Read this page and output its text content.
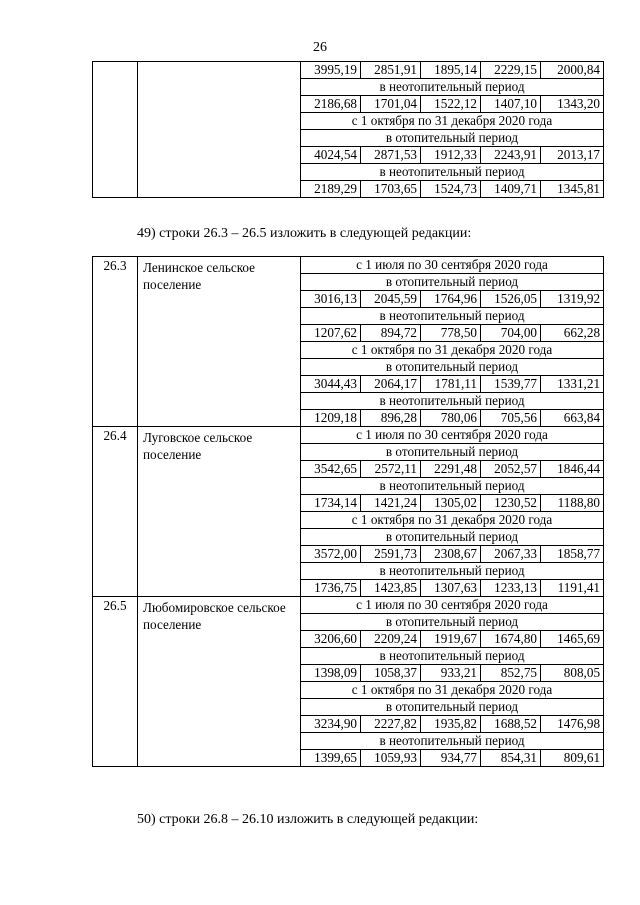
26
		3995,19	2851,91	1895,14	2229,15	2000,84
		в неотопительный период				
		2186,68	1701,04	1522,12	1407,10	1343,20
		с 1 октября по 31 декабря 2020 года				
		в отопительный период				
		4024,54	2871,53	1912,33	2243,91	2013,17
		в неотопительный период				
		2189,29	1703,65	1524,73	1409,71	1345,81
49) строки 26.3 – 26.5 изложить в следующей редакции:
26.3	Ленинское сельское поселение	с 1 июля по 30 сентября 2020 года				
		в отопительный период				
		3016,13	2045,59	1764,96	1526,05	1319,92
		в неотопительный период				
		1207,62	894,72	778,50	704,00	662,28
		с 1 октября по 31 декабря 2020 года				
		в отопительный период				
		3044,43	2064,17	1781,11	1539,77	1331,21
		в неотопительный период				
		1209,18	896,28	780,06	705,56	663,84
26.4	Луговское сельское поселение	с 1 июля по 30 сентября 2020 года				
		в отопительный период				
		3542,65	2572,11	2291,48	2052,57	1846,44
		в неотопительный период				
		1734,14	1421,24	1305,02	1230,52	1188,80
		с 1 октября по 31 декабря 2020 года				
		в отопительный период				
		3572,00	2591,73	2308,67	2067,33	1858,77
		в неотопительный период				
		1736,75	1423,85	1307,63	1233,13	1191,41
26.5	Любомировское сельское поселение	с 1 июля по 30 сентября 2020 года				
		в отопительный период				
		3206,60	2209,24	1919,67	1674,80	1465,69
		в неотопительный период				
		1398,09	1058,37	933,21	852,75	808,05
		с 1 октября по 31 декабря 2020 года				
		в отопительный период				
		3234,90	2227,82	1935,82	1688,52	1476,98
		в неотопительный период				
		1399,65	1059,93	934,77	854,31	809,61
50) строки 26.8 – 26.10 изложить в следующей редакции:
